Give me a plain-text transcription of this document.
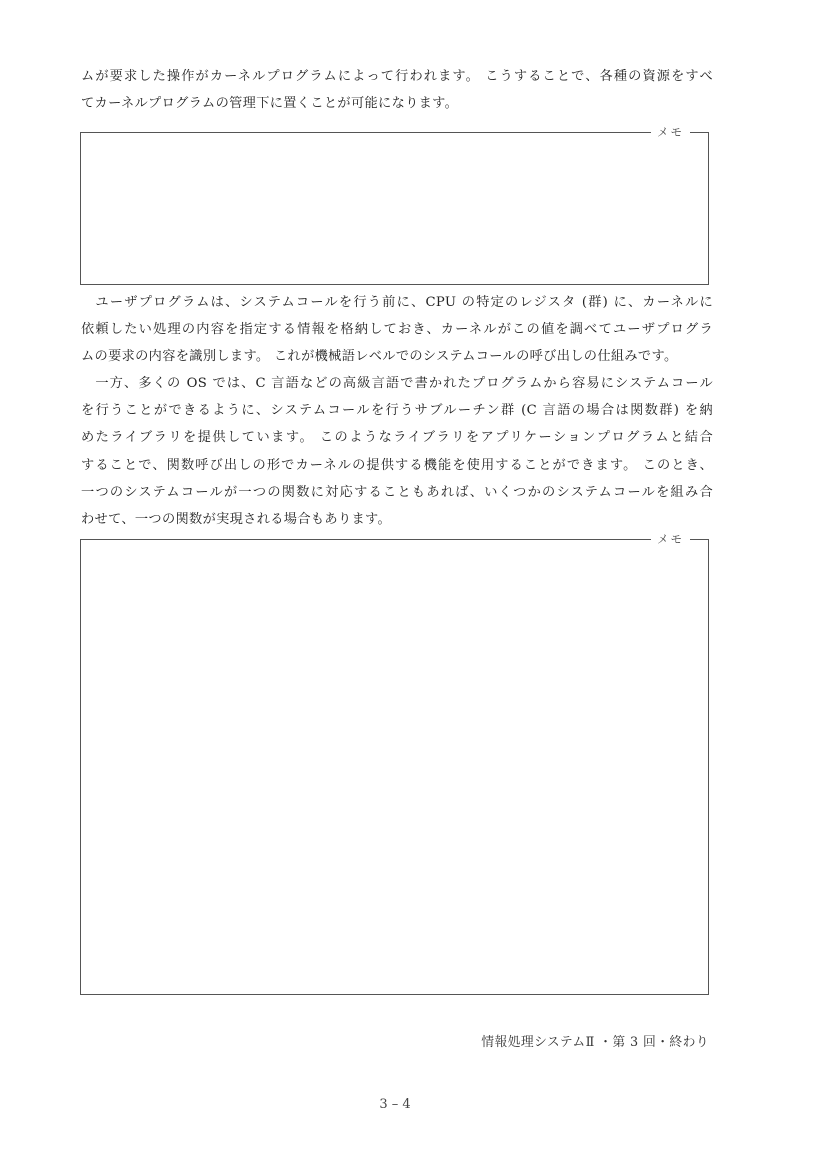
ムが要求した操作がカーネルプログラムによって行われます。 こうすることで、各種の資源をすべ
てカーネルプログラムの管理下に置くことが可能になります。
メモ
　ユーザプログラムは、システムコールを行う前に、CPU の特定のレジスタ (群) に、カーネルに
依頼したい処理の内容を指定する情報を格納しておき、カーネルがこの値を調べてユーザプログラ
ムの要求の内容を識別します。 これが機械語レベルでのシステムコールの呼び出しの仕組みです。
　一方、多くの OS では、C 言語などの高級言語で書かれたプログラムから容易にシステムコール
を行うことができるように、システムコールを行うサブルーチン群 (C 言語の場合は関数群) を納
めたライブラリを提供しています。 このようなライブラリをアプリケーションプログラムと結合
することで、関数呼び出しの形でカーネルの提供する機能を使用することができます。 このとき、
一つのシステムコールが一つの関数に対応することもあれば、いくつかのシステムコールを組み合
わせて、一つの関数が実現される場合もあります。
メモ
情報処理システムⅡ ・第 3 回・終わり
3 – 4
